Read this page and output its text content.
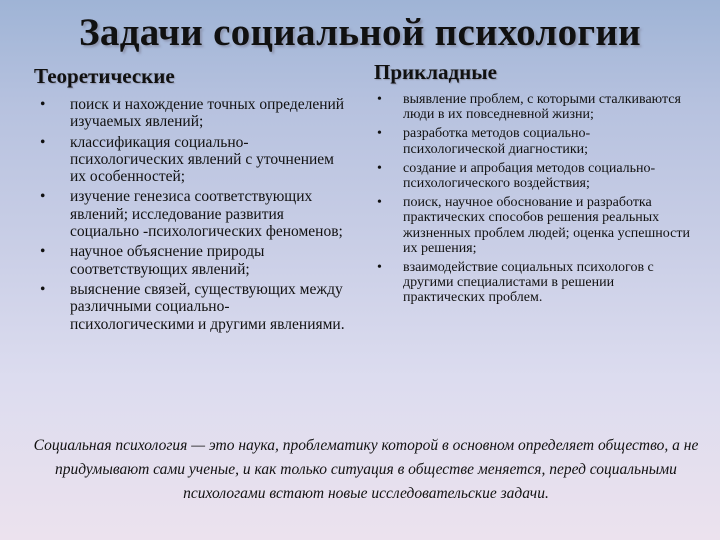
Задачи социальной психологии
Теоретические
• поиск и нахождение точных определений изучаемых явлений;
• классификация социально-психологических явлений с уточнением их особенностей;
• изучение генезиса соответствующих явлений; исследование развития социально -психологических феноменов;
• научное объяснение природы соответствующих явлений;
• выяснение связей, существующих между различными социально-психологическими и другими явлениями.
Прикладные
• выявление проблем, с которыми сталкиваются люди в их повседневной жизни;
• разработка методов социально-психологической диагностики;
• создание и апробация методов социально-психологического воздействия;
• поиск, научное обоснование и разработка практических способов решения реальных жизненных проблем людей; оценка успешности их решения;
• взаимодействие социальных психологов с другими специалистами в решении практических проблем.
Социальная психология — это наука, проблематику которой в основном определяет общество, а не придумывают сами ученые, и как только ситуация в обществе меняется, перед социальными психологами встают новые исследовательские задачи.
